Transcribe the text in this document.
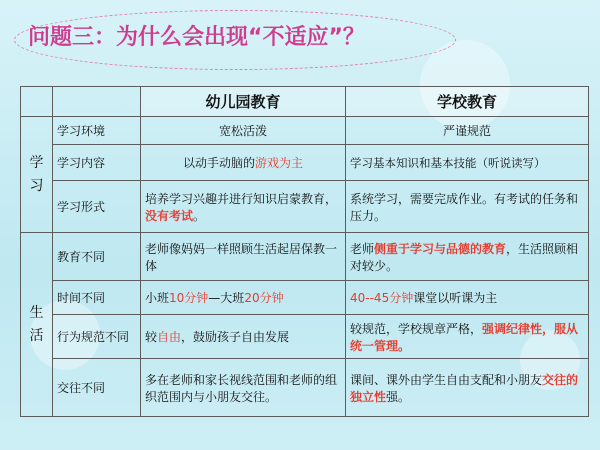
问题三：为什么会出现“不适应”？
		幼儿园教育	学校教育
学习	学习环境	宽松活泼	严谨规范
	学习内容	以动手动脑的游戏为主	学习基本知识和基本技能（听说读写）
	学习形式	培养学习兴趣并进行知识启蒙教育，没有考试。	系统学习，需要完成作业。有考试的任务和压力。
生活	教育不同	老师像妈妈一样照顾生活起居保教一体	老师侧重于学习与品德的教育，生活照顾相对较少。
	时间不同	小班10分钟—大班20分钟	40--45分钟课堂以听课为主
	行为规范不同	较自由，鼓励孩子自由发展	较规范，学校规章严格，强调纪律性，服从统一管理。
	交往不同	多在老师和家长视线范围和老师的组织范围内与小朋友交往。	课间、课外由学生自由支配和小朋友交往的独立性强。
